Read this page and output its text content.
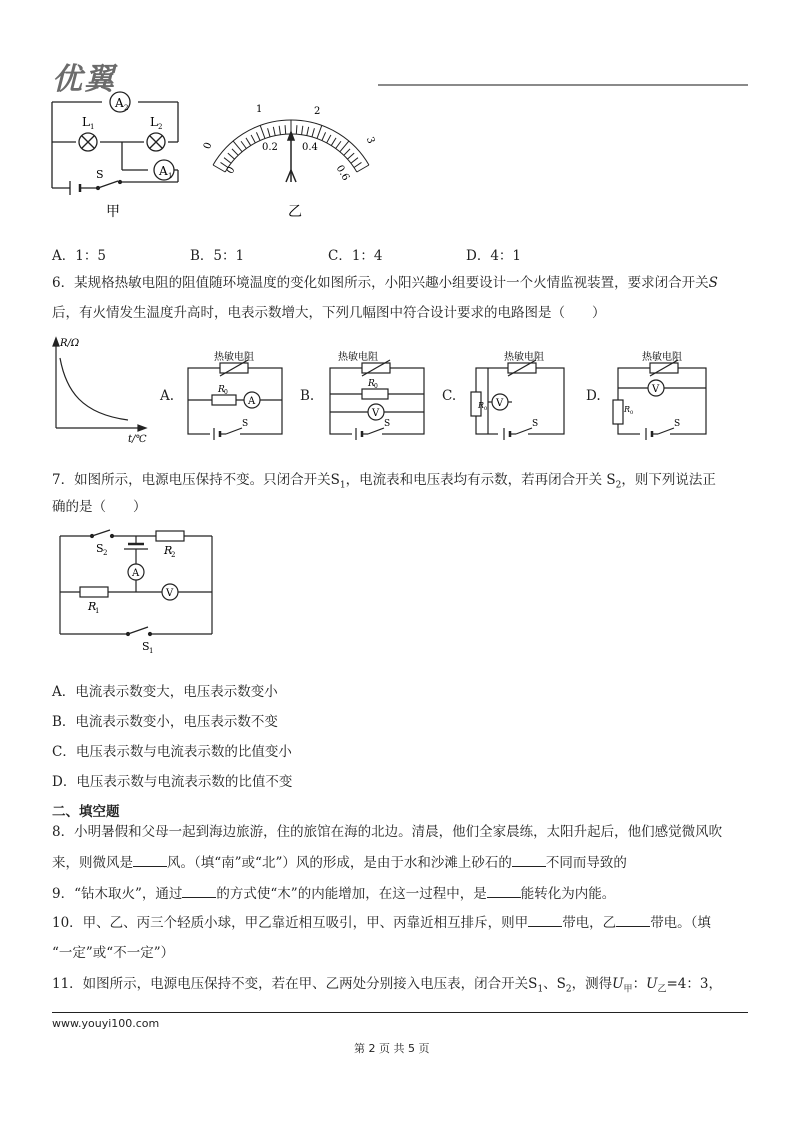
优翼
A 2
L 1	L 2
A 1
S
甲
0
1	2
3
0
0.2 0.4
0.6
乙
A．1：5	B．5：1	C．1：4	D．4：1
6．某规格热敏电阻的阻值随环境温度的变化如图所示，小阳兴趣小组要设计一个火情监视装置，要求闭合开关S
后，有火情发生温度升高时，电表示数增大，下列几幅图中符合设计要求的电路图是（　　）
R/Ω
t/℃
A.
热敏电阻
R 0
A
S
B.
热敏电阻
R 0
V
S
C.
热敏电阻
R 0 V
S
D.
热敏电阻
R 0
V
S
7．如图所示，电源电压保持不变。只闭合开关$S_1$，电流表和电压表均有示数，若再闭合开关 $S_2$，则下列说法正
确的是（　　）
S 2	R
2
A
V
R
1
S 1
A．电流表示数变大，电压表示数变小
B．电流表示数变小，电压表示数不变
C．电压表示数与电流表示数的比值变小
D．电压表示数与电流表示数的比值不变
二、填空题
8．小明暑假和父母一起到海边旅游，住的旅馆在海的北边。清晨，他们全家晨练，太阳升起后，他们感觉微风吹
来，则微风是	风。（填“南”或“北”）风的形成，是由于水和沙滩上砂石的	不同而导致的
9．“钻木取火”，通过	的方式使“木”的内能增加，在这一过程中，是	能转化为内能。
10．甲、乙、丙三个轻质小球，甲乙靠近相互吸引，甲、丙靠近相互排斥，则甲	带电，乙	带电。（填
“一定”或“不一定”）
11．如图所示，电源电压保持不变，若在甲、乙两处分别接入电压表，闭合开关$S_1$、$S_2$，测得$U_甲$：$U_乙=4$：3，
www.youyi100.com
第 2 页 共 5 页
